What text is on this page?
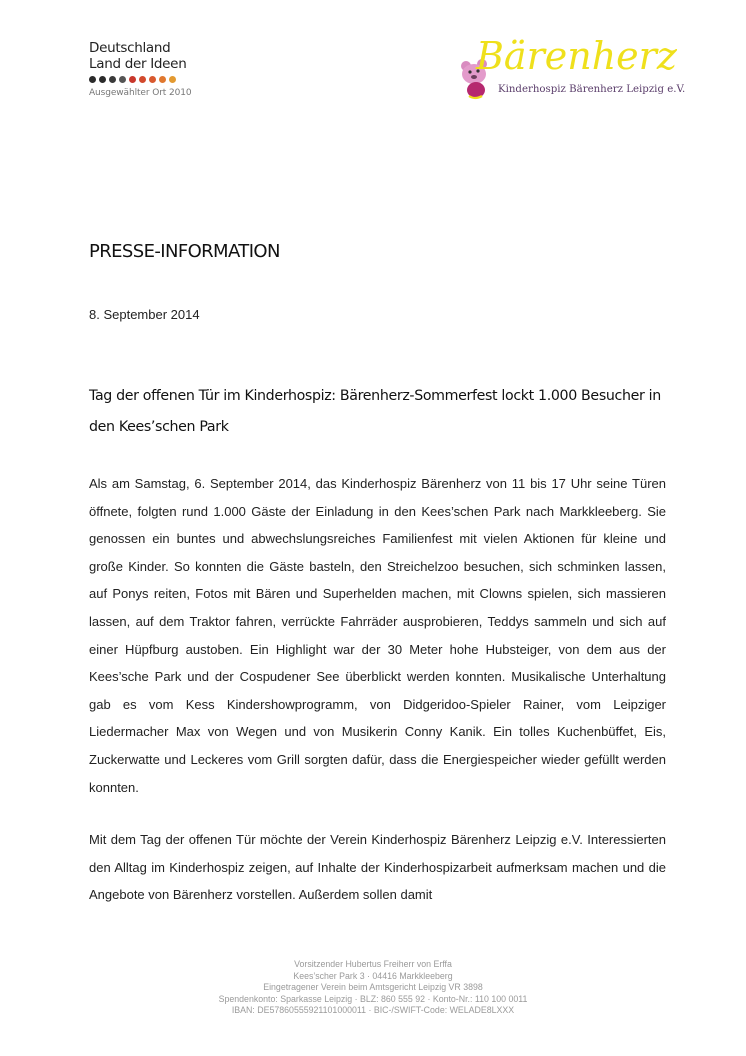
Deutschland
Land der Ideen
Ausgewählter Ort 2010
Bärenherz
Kinderhospiz Bärenherz Leipzig e.V.
PRESSE-INFORMATION
8. September 2014
Tag der offenen Tür im Kinderhospiz: Bärenherz-Sommerfest lockt 1.000 Besucher in den Kees’schen Park
Als am Samstag, 6. September 2014, das Kinderhospiz Bärenherz von 11 bis 17 Uhr seine Türen öffnete, folgten rund 1.000 Gäste der Einladung in den Kees’schen Park nach Markkleeberg. Sie genossen ein buntes und abwechslungsreiches Familienfest mit vielen Aktionen für kleine und große Kinder. So konnten die Gäste basteln, den Streichelzoo besuchen, sich schminken lassen, auf Ponys reiten, Fotos mit Bären und Superhelden machen, mit Clowns spielen, sich massieren lassen, auf dem Traktor fahren, verrückte Fahrräder ausprobieren, Teddys sammeln und sich auf einer Hüpfburg austoben. Ein Highlight war der 30 Meter hohe Hubsteiger, von dem aus der Kees’sche Park und der Cospudener See überblickt werden konnten. Musikalische Unterhaltung gab es vom Kess Kindershowprogramm, von Didgeridoo-Spieler Rainer, vom Leipziger Liedermacher Max von Wegen und von Musikerin Conny Kanik. Ein tolles Kuchenbüffet, Eis, Zuckerwatte und Leckeres vom Grill sorgten dafür, dass die Energiespeicher wieder gefüllt werden konnten.
Mit dem Tag der offenen Tür möchte der Verein Kinderhospiz Bärenherz Leipzig e.V. Interessierten den Alltag im Kinderhospiz zeigen, auf Inhalte der Kinderhospizarbeit aufmerksam machen und die Angebote von Bärenherz vorstellen. Außerdem sollen damit
Vorsitzender Hubertus Freiherr von Erffa
Kees’scher Park 3 · 04416 Markkleeberg
Eingetragener Verein beim Amtsgericht Leipzig VR 3898
Spendenkonto: Sparkasse Leipzig · BLZ: 860 555 92 · Konto-Nr.: 110 100 0011
IBAN: DE57860555921101000011 · BIC-/SWIFT-Code: WELADE8LXXX
